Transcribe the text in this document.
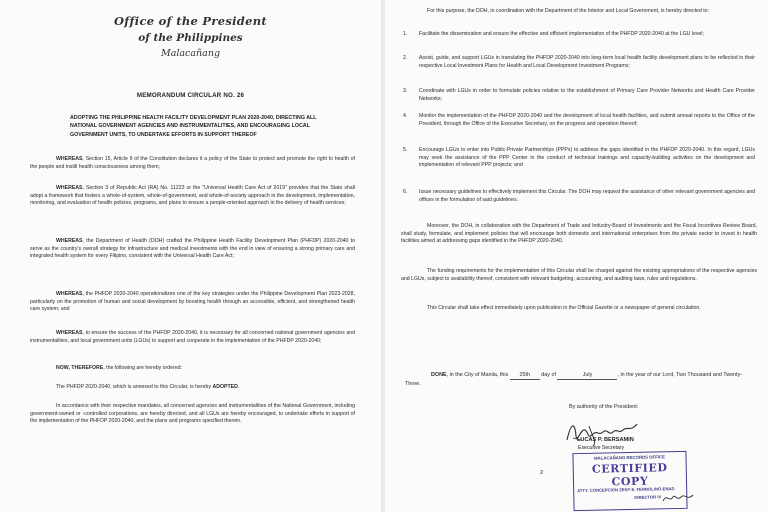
Office of the President
of the Philippines
Malacañang
MEMORANDUM CIRCULAR NO. 26
ADOPTING THE PHILIPPINE HEALTH FACILITY DEVELOPMENT PLAN 2020-2040, DIRECTING ALL NATIONAL GOVERNMENT AGENCIES AND INSTRUMENTALITIES, AND ENCOURAGING LOCAL GOVERNMENT UNITS, TO UNDERTAKE EFFORTS IN SUPPORT THEREOF
WHEREAS, Section 15, Article II of the Constitution declares it a policy of the State to protect and promote the right to health of the people and instill health consciousness among them;
WHEREAS, Section 3 of Republic Act (RA) No. 11223 or the "Universal Health Care Act of 2019" provides that the State shall adopt a framework that fosters a whole-of-system, whole-of-government, and whole-of-society approach in the development, implementation, monitoring, and evaluation of health policies, programs, and plans to ensure a people-oriented approach in the delivery of health services;
WHEREAS, the Department of Health (DOH) crafted the Philippine Health Facility Development Plan (PHFDP) 2020-2040 to serve as the country's overall strategy for infrastructure and medical investments with the end in view of ensuring a strong primary care and integrated health system for every Filipino, consistent with the Universal Health Care Act;
WHEREAS, the PHFDP 2020-2040 operationalizes one of the key strategies under the Philippine Development Plan 2023-2028, particularly on the promotion of human and social development by boosting health through an accessible, efficient, and strengthened health care system; and
WHEREAS, to ensure the success of the PHFDP 2020-2040, it is necessary for all concerned national government agencies and instrumentalities, and local government units (LGUs) to support and cooperate in the implementation of the PHFDP 2020-2040;
NOW, THEREFORE, the following are hereby ordered:
The PHFDP 2020-2040, which is annexed to this Circular, is hereby ADOPTED.
In accordance with their respective mandates, all concerned agencies and instrumentalities of the National Government, including government-owned or -controlled corporations, are hereby directed, and all LGUs are hereby encouraged, to undertake efforts in support of the implementation of the PHFDP 2020-2040, and the plans and programs specified therein.
For this purpose, the DOH, in coordination with the Department of the Interior and Local Government, is hereby directed to:
1.	Facilitate the dissemination and ensure the effective and efficient implementation of the PHFDP 2020-2040 at the LGU level;
2.	Assist, guide, and support LGUs in translating the PHFDP 2020-2040 into long-term local health facility development plans to be reflected in their respective Local Investment Plans for Health and Local Development Investment Programs;
3.	Coordinate with LGUs in order to formulate policies relative to the establishment of Primary Care Provider Networks and Health Care Provider Networks;
4.	Monitor the implementation of the PHFDP 2020-2040 and the development of local health facilities, and submit annual reports to the Office of the President, through the Office of the Executive Secretary, on the progress and operation thereof;
5.	Encourage LGUs to enter into Public-Private Partnerships (PPPs) to address the gaps identified in the PHFDP 2020-2040. In this regard, LGUs may seek the assistance of the PPP Center in the conduct of technical trainings and capacity-building activities on the development and implementation of relevant PPP projects; and
6.	Issue necessary guidelines to effectively implement this Circular. The DOH may request the assistance of other relevant government agencies and offices in the formulation of said guidelines.
Moreover, the DOH, in collaboration with the Department of Trade and Industry-Board of Investments and the Fiscal Incentives Review Board, shall study, formulate, and implement policies that will encourage both domestic and international enterprises from the private sector to invest in health facilities aimed at addressing gaps identified in the PHFDP 2020-2040.
The funding requirements for the implementation of this Circular shall be charged against the existing appropriations of the respective agencies and LGUs, subject to availability thereof, consistent with relevant budgeting, accounting, and auditing laws, rules and regulations.
This Circular shall take effect immediately upon publication in the Official Gazette or a newspaper of general circulation.
DONE, in the City of Manila, this 25th day of	July	, in the year of our Lord, Two Thousand and Twenty-Three.
By authority of the President:
LUCAS P. BERSAMIN
Executive Secretary
2
MALACAÑANG RECORDS OFFICE
CERTIFIED COPY
ATTY. CONCEPCION ZENY E. FERROLINO-ENAD
DIRECTOR IV
